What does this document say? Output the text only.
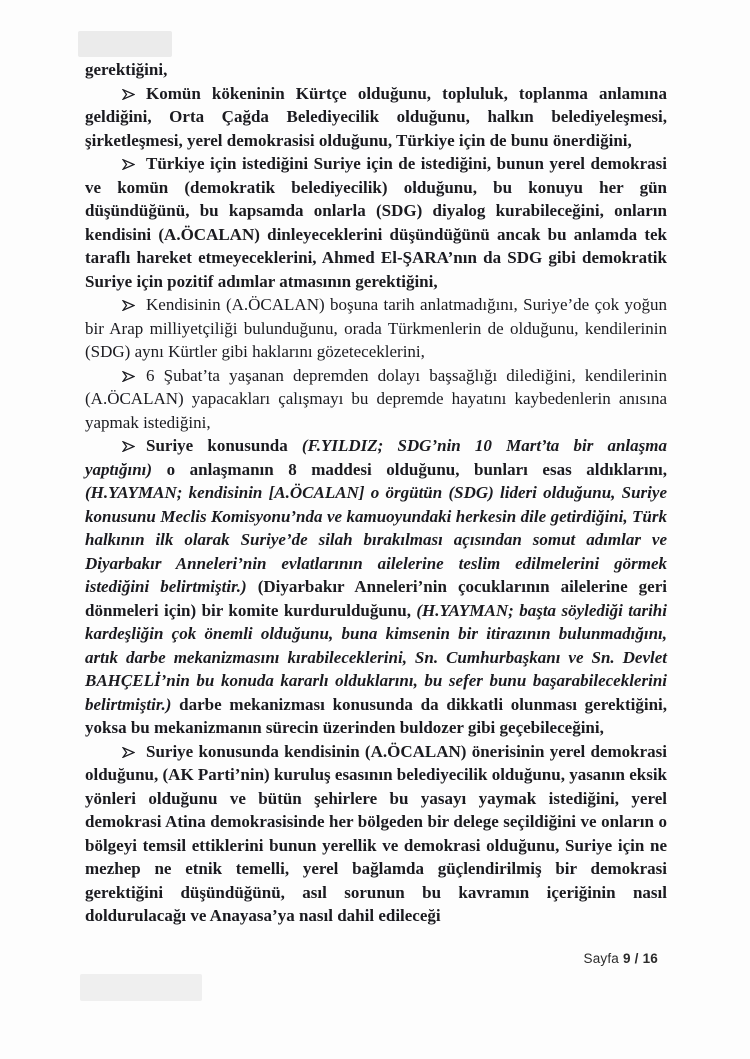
gerektiğini,

Komün kökeninin Kürtçe olduğunu, topluluk, toplanma anlamına geldiğini, Orta Çağda Belediyecilik olduğunu, halkın belediyeleşmesi, şirketleşmesi, yerel demokrasisi olduğunu, Türkiye için de bunu önerdiğini,

Türkiye için istediğini Suriye için de istediğini, bunun yerel demokrasi ve komün (demokratik belediyecilik) olduğunu, bu konuyu her gün düşündüğünü, bu kapsamda onlarla (SDG) diyalog kurabileceğini, onların kendisini (A.ÖCALAN) dinleyeceklerini düşündüğünü ancak bu anlamda tek taraflı hareket etmeyeceklerini, Ahmed El-ŞARA’nın da SDG gibi demokratik Suriye için pozitif adımlar atmasının gerektiğini,

Kendisinin (A.ÖCALAN) boşuna tarih anlatmadığını, Suriye’de çok yoğun bir Arap milliyetçiliği bulunduğunu, orada Türkmenlerin de olduğunu, kendilerinin (SDG) aynı Kürtler gibi haklarını gözeteceklerini,

6 Şubat’ta yaşanan depremden dolayı başsağlığı dilediğini, kendilerinin (A.ÖCALAN) yapacakları çalışmayı bu depremde hayatını kaybedenlerin anısına yapmak istediğini,

Suriye konusunda (F.YILDIZ; SDG’nin 10 Mart’ta bir anlaşma yaptığını) o anlaşmanın 8 maddesi olduğunu, bunları esas aldıklarını, (H.YAYMAN; kendisinin [A.ÖCALAN] o örgütün (SDG) lideri olduğunu, Suriye konusunu Meclis Komisyonu’nda ve kamuoyundaki herkesin dile getirdiğini, Türk halkının ilk olarak Suriye’de silah bırakılması açısından somut adımlar ve Diyarbakır Anneleri’nin evlatlarının ailelerine teslim edilmelerini görmek istediğini belirtmiştir.) (Diyarbakır Anneleri’nin çocuklarının ailelerine geri dönmeleri için) bir komite kurdurulduğunu, (H.YAYMAN; başta söylediği tarihi kardeşliğin çok önemli olduğunu, buna kimsenin bir itirazının bulunmadığını, artık darbe mekanizmasını kırabileceklerini, Sn. Cumhurbaşkanı ve Sn. Devlet BAHÇELİ’nin bu konuda kararlı olduklarını, bu sefer bunu başarabileceklerini belirtmiştir.) darbe mekanizması konusunda da dikkatli olunması gerektiğini, yoksa bu mekanizmanın sürecin üzerinden buldozer gibi geçebileceğini,

Suriye konusunda kendisinin (A.ÖCALAN) önerisinin yerel demokrasi olduğunu, (AK Parti’nin) kuruluş esasının belediyecilik olduğunu, yasanın eksik yönleri olduğunu ve bütün şehirlere bu yasayı yaymak istediğini, yerel demokrasi Atina demokrasisinde her bölgeden bir delege seçildiğini ve onların o bölgeyi temsil ettiklerini bunun yerellik ve demokrasi olduğunu, Suriye için ne mezhep ne etnik temelli, yerel bağlamda güçlendirilmiş bir demokrasi gerektiğini düşündüğünü, asıl sorunun bu kavramın içeriğinin nasıl doldurulacağı ve Anayasa’ya nasıl dahil edileceği

Sayfa 9 / 16
